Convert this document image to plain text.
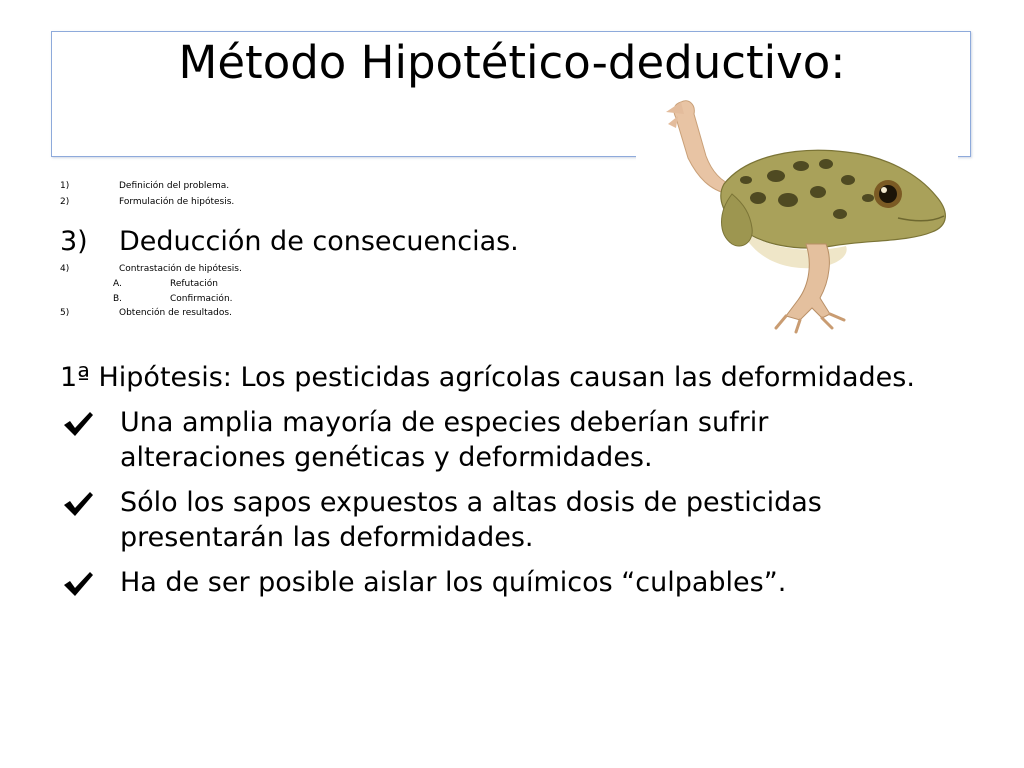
Método Hipotético-deductivo:
1)	Definición del problema.
2)	Formulación de hipótesis.
3) Deducción de consecuencias.
4)	Contrastación de hipótesis.
A.	Refutación
B.	Confirmación.
5)	Obtención de resultados.

1ª Hipótesis: Los pesticidas agrícolas causan las deformidades.

Una amplia mayoría de especies deberían sufrir alteraciones genéticas y deformidades.
Sólo los sapos expuestos a altas dosis de pesticidas presentarán las deformidades.
Ha de ser posible aislar los químicos “culpables”.
